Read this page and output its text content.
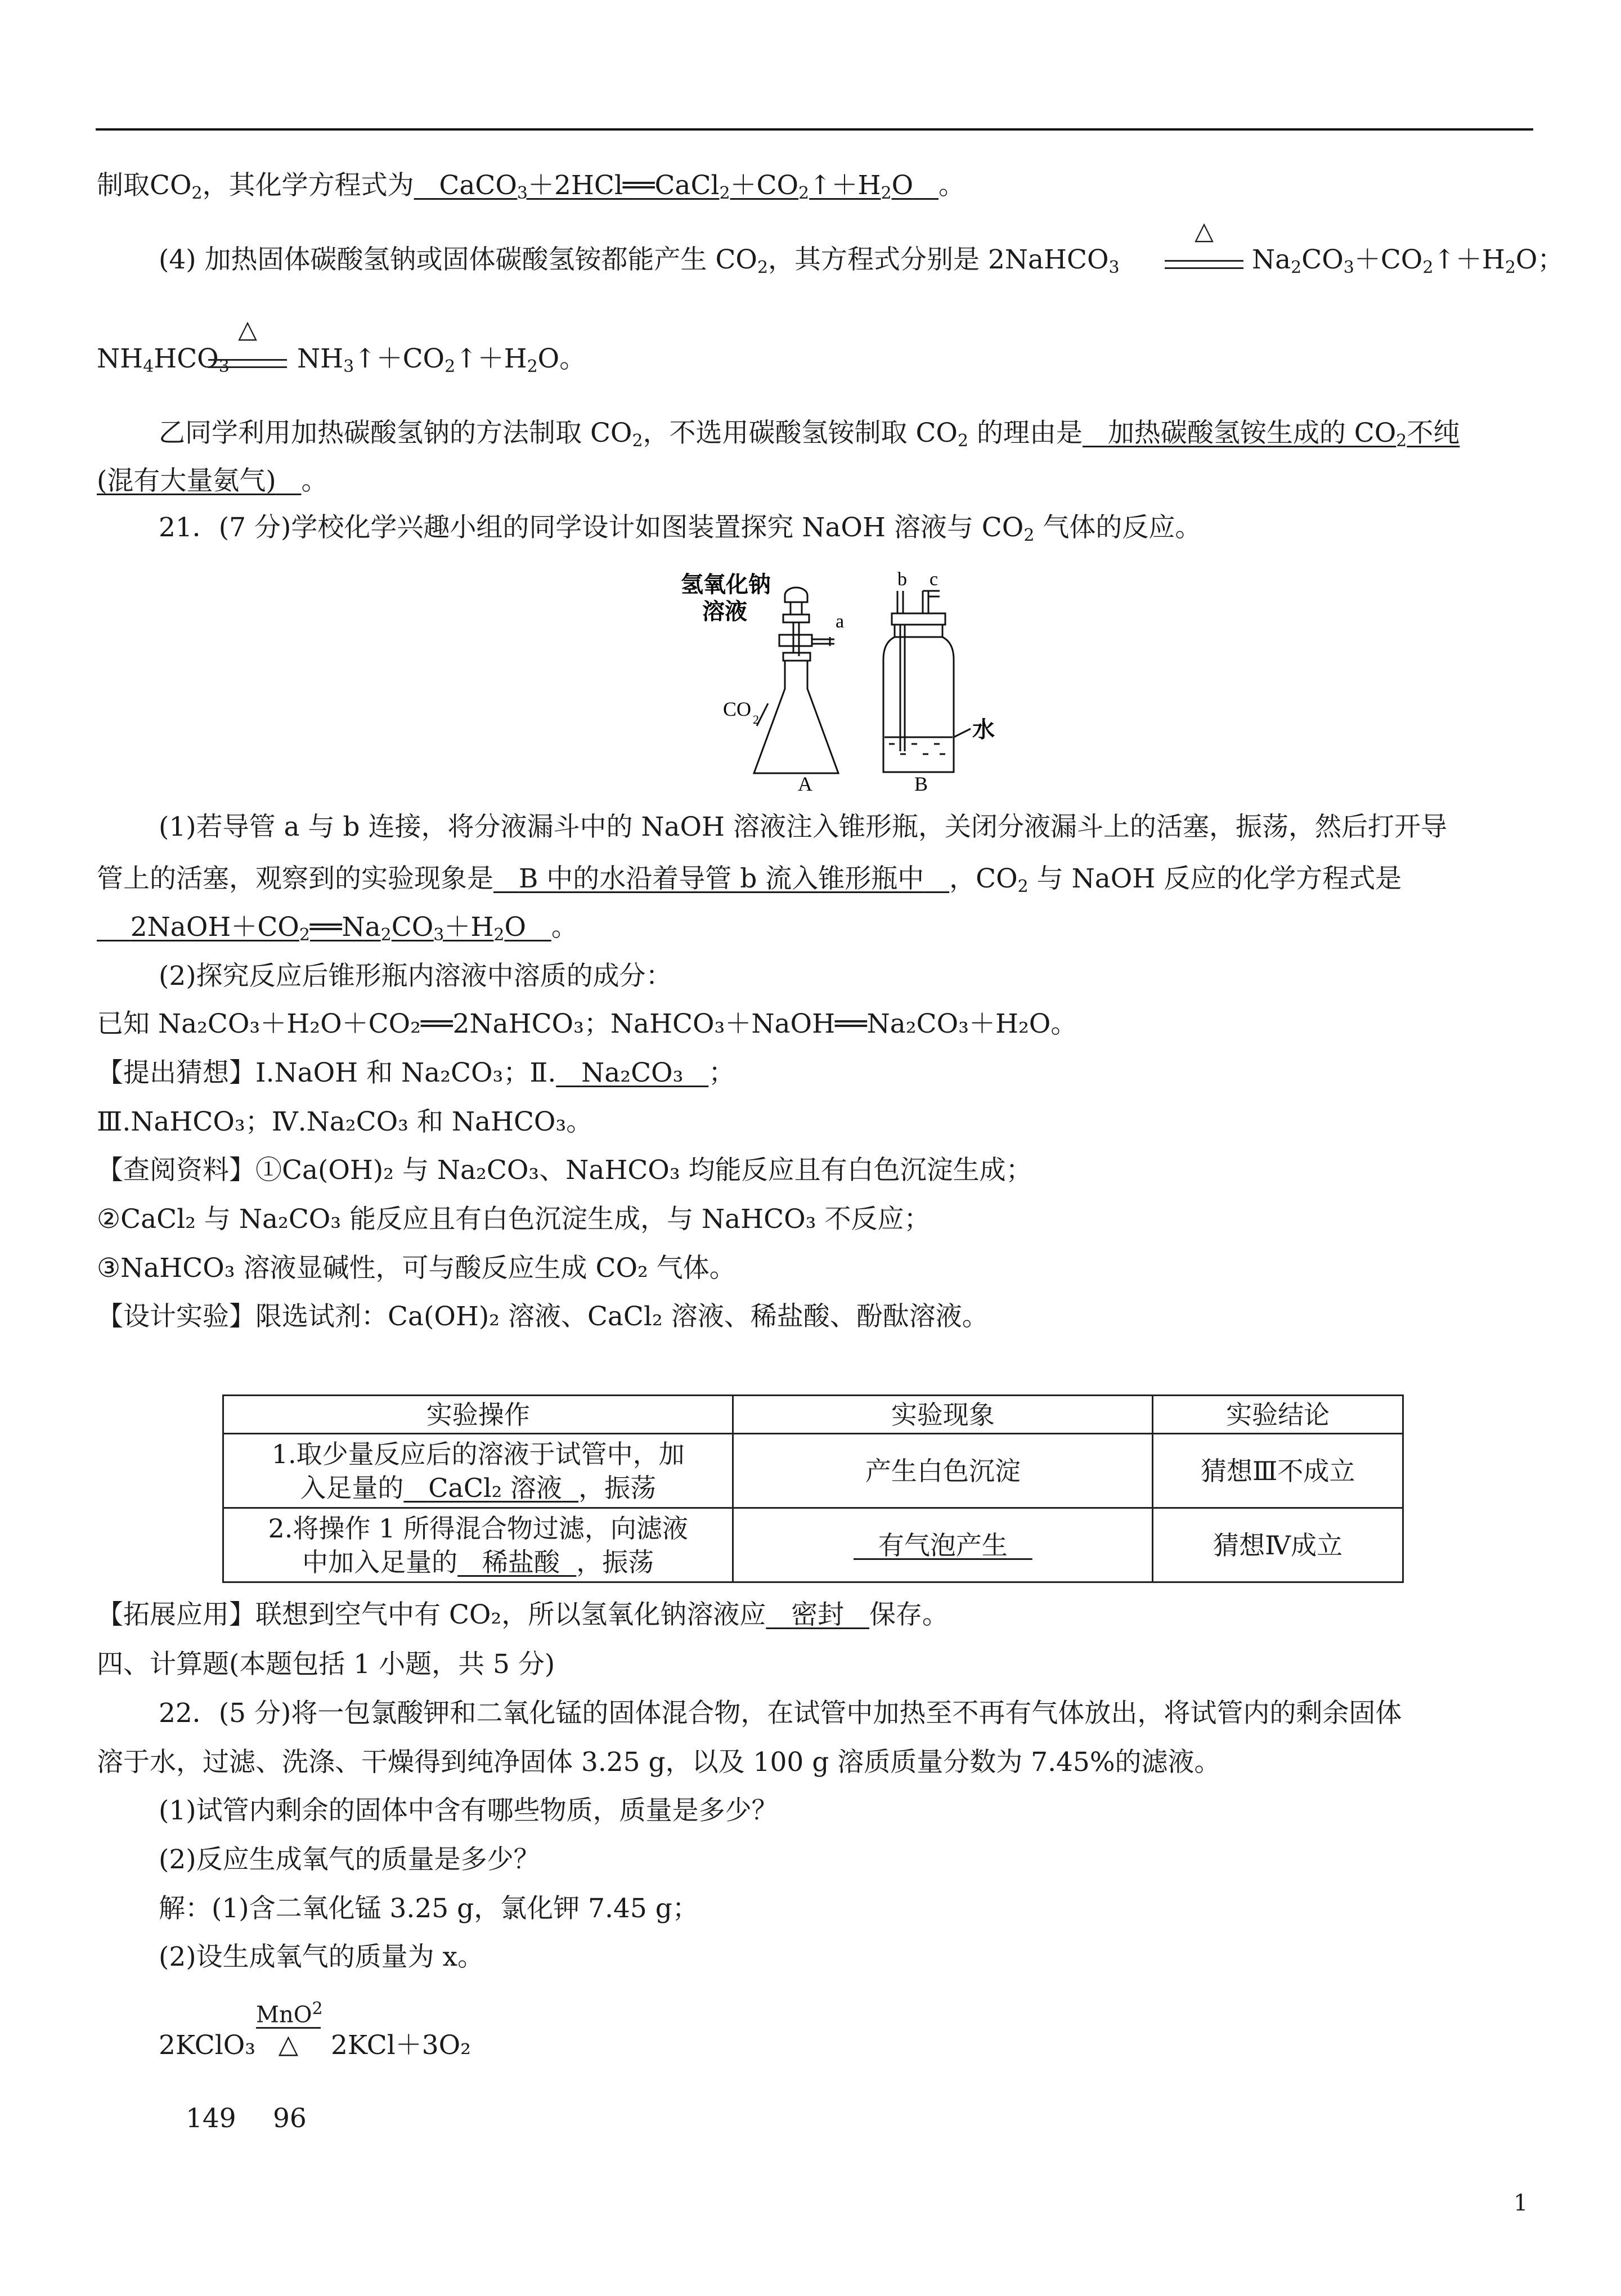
制取$CO_2$，其化学方程式为 $CaCO_3+2HCl══CaCl_2+CO_2↑+H_2O$ 。
(4) 加热固体碳酸氢钠或固体碳酸氢铵都能产生 $CO_2$，其方程式分别是 2NaHCO$_3$
△
$Na_2CO_3+CO_2↑+H_2O$；
$NH_4HCO_3$
△
$NH_3↑+CO_2↑+H_2O$。
乙同学利用加热碳酸氢钠的方法制取 $CO_2$，不选用碳酸氢铵制取 $CO_2$ 的理由是 加热碳酸氢铵生成的 $CO_2$不纯
(混有大量氨气) 。
21．(7 分)学校化学兴趣小组的同学设计如图装置探究 NaOH 溶液与 $CO_2$ 气体的反应。
氢氧化钠
溶液	a
CO 2
A
b c
水
B
(1)若导管 a 与 b 连接，将分液漏斗中的 NaOH 溶液注入锥形瓶，关闭分液漏斗上的活塞，振荡，然后打开导
管上的活塞，观察到的实验现象是 B 中的水沿着导管 b 流入锥形瓶中 ，$CO_2$ 与 NaOH 反应的化学方程式是
$2NaOH+CO_2══Na_2CO_3+H_2O$ 。
(2)探究反应后锥形瓶内溶液中溶质的成分：
已知 Na₂CO₃＋H₂O＋CO₂══2NaHCO₃；NaHCO₃＋NaOH══Na₂CO₃＋H₂O。
【提出猜想】Ⅰ.NaOH 和 Na₂CO₃；Ⅱ. Na₂CO₃ ；
Ⅲ.NaHCO₃；Ⅳ.Na₂CO₃ 和 NaHCO₃。
【查阅资料】①Ca(OH)₂ 与 Na₂CO₃、NaHCO₃ 均能反应且有白色沉淀生成；
②CaCl₂ 与 Na₂CO₃ 能反应且有白色沉淀生成，与 NaHCO₃ 不反应；
③NaHCO₃ 溶液显碱性，可与酸反应生成 CO₂ 气体。
【设计实验】限选试剂：Ca(OH)₂ 溶液、CaCl₂ 溶液、稀盐酸、酚酞溶液。
实验操作	实验现象	实验结论
1.取少量反应后的溶液于试管中，加
入足量的 CaCl₂ 溶液 ，振荡	产生白色沉淀	猜想Ⅲ不成立
2.将操作 1 所得混合物过滤，向滤液
中加入足量的 稀盐酸 ，振荡	有气泡产生	猜想Ⅳ成立
【拓展应用】联想到空气中有 CO₂，所以氢氧化钠溶液应 密封 保存。
四、计算题(本题包括 1 小题，共 5 分)
22．(5 分)将一包氯酸钾和二氧化锰的固体混合物，在试管中加热至不再有气体放出，将试管内的剩余固体
溶于水，过滤、洗涤、干燥得到纯净固体 3.25 g，以及 100 g 溶质质量分数为 7.45%的滤液。
(1)试管内剩余的固体中含有哪些物质，质量是多少？
(2)反应生成氧气的质量是多少？
解：(1)含二氧化锰 3.25 g，氯化钾 7.45 g；
(2)设生成氧气的质量为 x。
2KClO₃
MnO$^2$
△	2KCl＋3O₂
149 96
1
